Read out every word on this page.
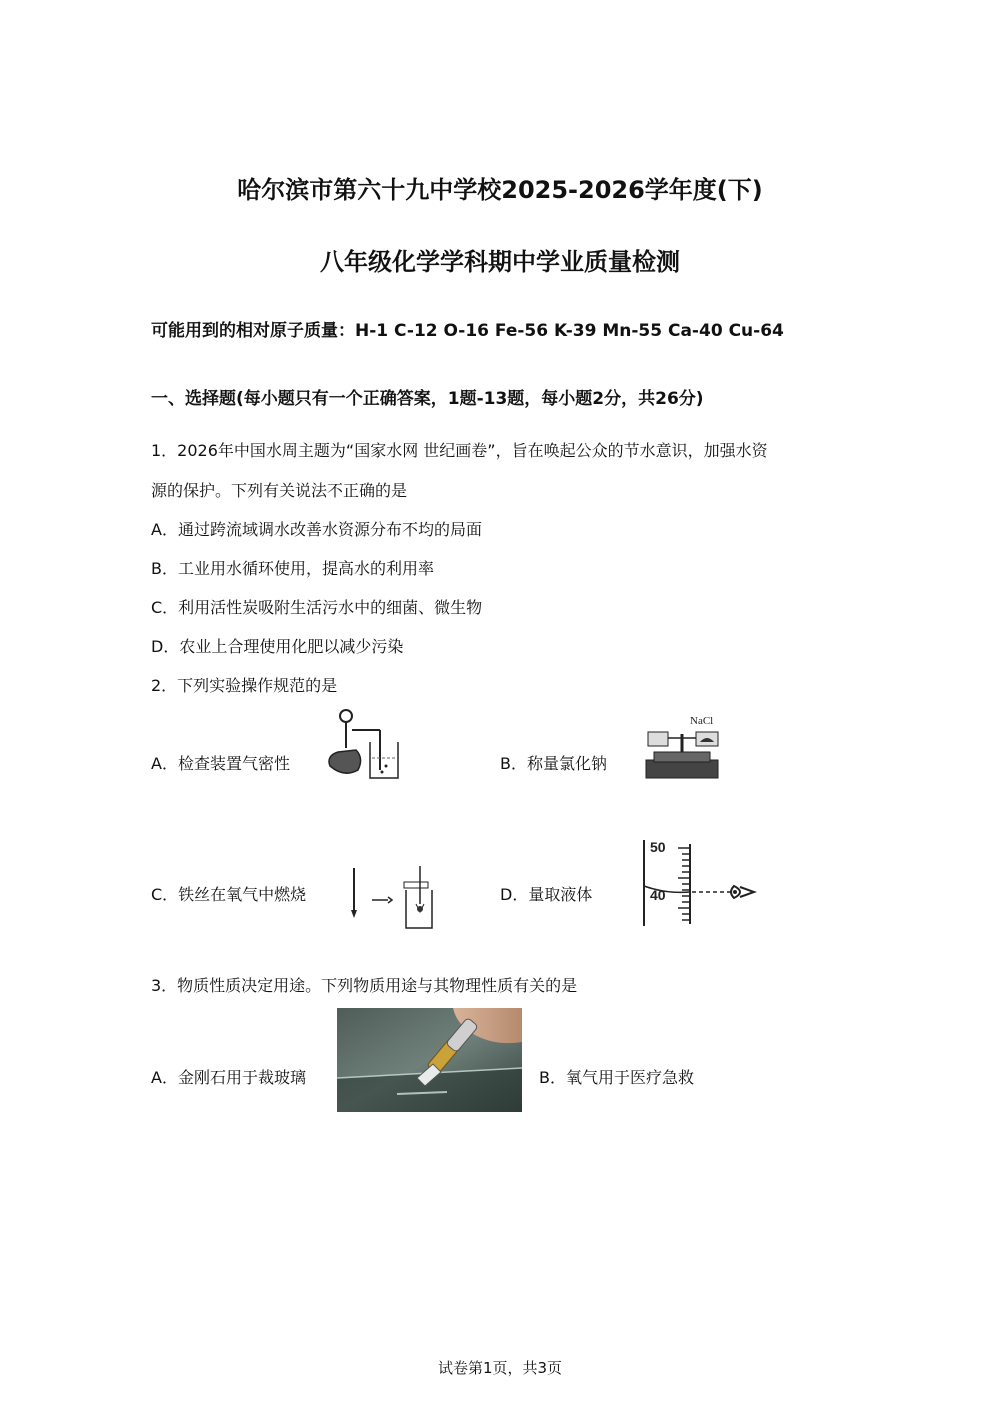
哈尔滨市第六十九中学校2025-2026学年度(下)
八年级化学学科期中学业质量检测
可能用到的相对原子质量：H-1 C-12 O-16 Fe-56 K-39 Mn-55 Ca-40 Cu-64
一、选择题(每小题只有一个正确答案，1题-13题，每小题2分，共26分)
1．2026年中国水周主题为“国家水网 世纪画卷”，旨在唤起公众的节水意识，加强水资
源的保护。下列有关说法不正确的是
A．通过跨流域调水改善水资源分布不均的局面
B．工业用水循环使用，提高水的利用率
C．利用活性炭吸附生活污水中的细菌、微生物
D．农业上合理使用化肥以减少污染
2．下列实验操作规范的是
A．检查装置气密性	B．称量氯化钠
NaCl
C．铁丝在氧气中燃烧	D．量取液体
50
40
3．物质性质决定用途。下列物质用途与其物理性质有关的是
A．金刚石用于裁玻璃	B．氧气用于医疗急救
试卷第1页，共3页
